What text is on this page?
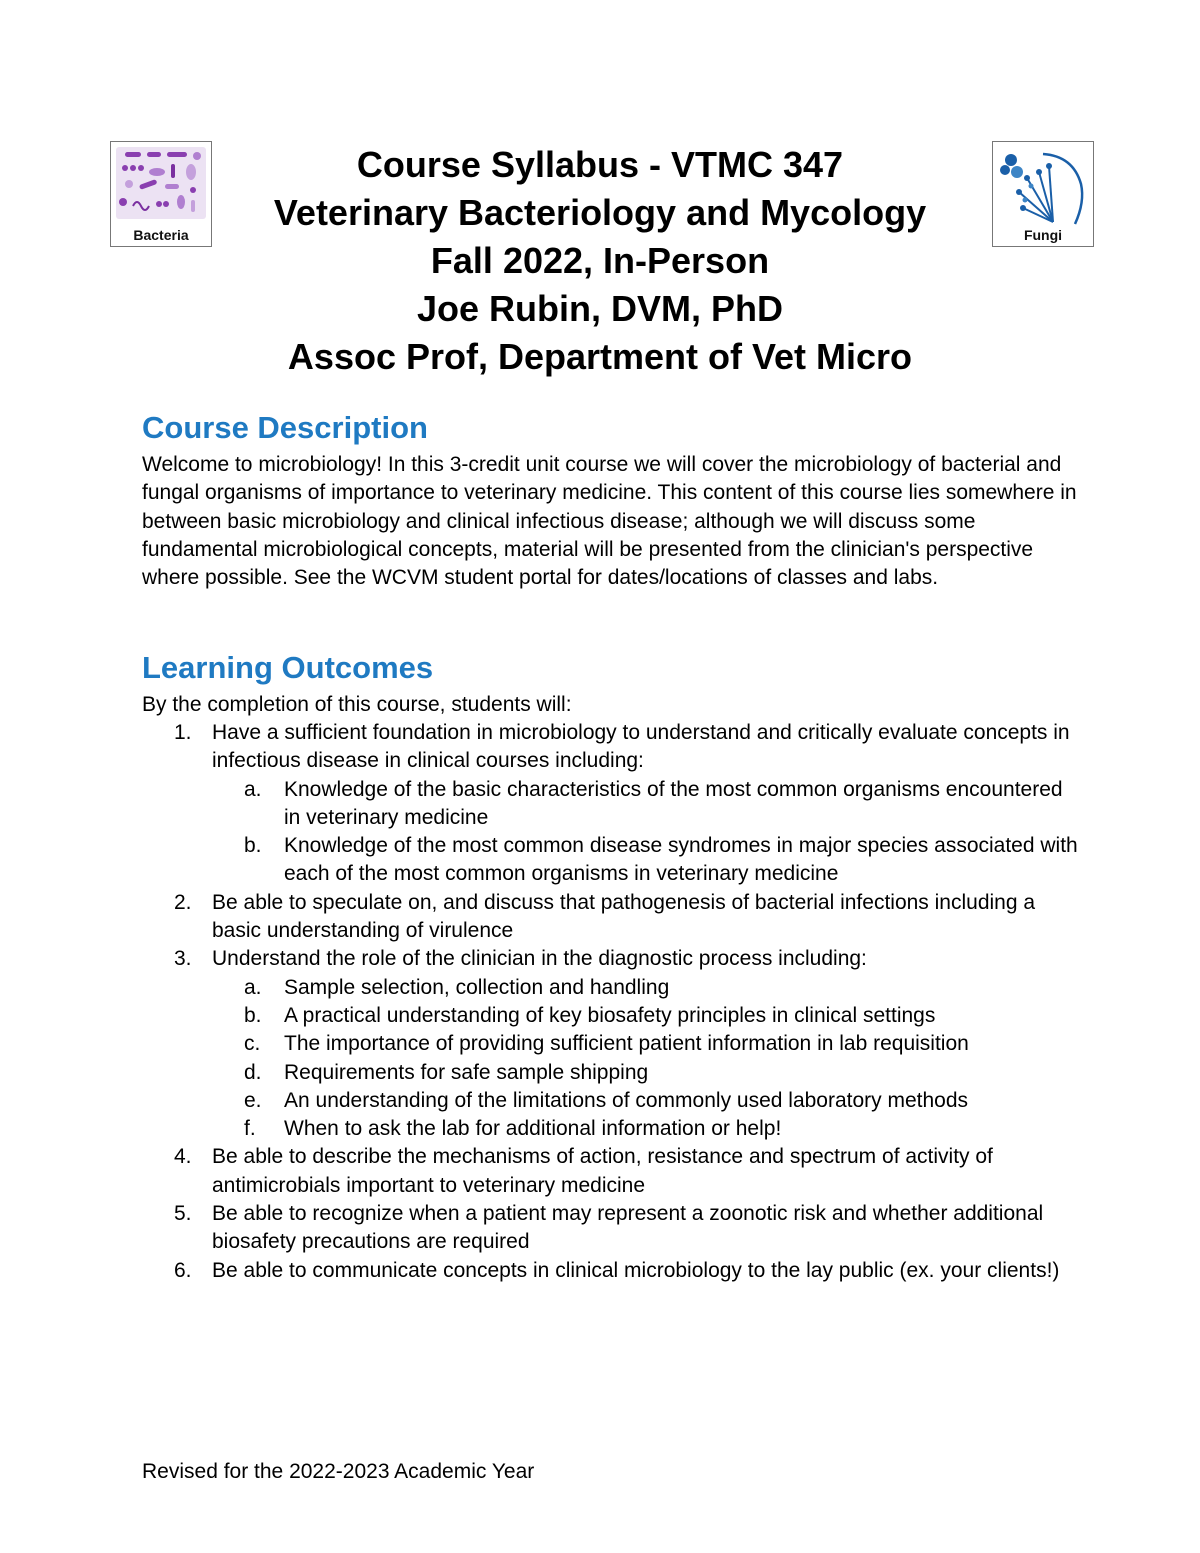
Bacteria	Fungi

Course Syllabus - VTMC 347

Veterinary Bacteriology and Mycology

Fall 2022, In-Person

Joe Rubin, DVM, PhD

Assoc Prof, Department of Vet Micro

Course Description

Welcome to microbiology! In this 3-credit unit course we will cover the microbiology of bacterial and fungal organisms of importance to veterinary medicine. This content of this course lies somewhere in between basic microbiology and clinical infectious disease; although we will discuss some fundamental microbiological concepts, material will be presented from the clinician's perspective where possible. See the WCVM student portal for dates/locations of classes and labs.

Learning Outcomes

By the completion of this course, students will:

1. Have a sufficient foundation in microbiology to understand and critically evaluate concepts in infectious disease in clinical courses including:
a. Knowledge of the basic characteristics of the most common organisms encountered in veterinary medicine
b. Knowledge of the most common disease syndromes in major species associated with each of the most common organisms in veterinary medicine
2. Be able to speculate on, and discuss that pathogenesis of bacterial infections including a basic understanding of virulence
3. Understand the role of the clinician in the diagnostic process including:
a. Sample selection, collection and handling
b. A practical understanding of key biosafety principles in clinical settings
c. The importance of providing sufficient patient information in lab requisition
d. Requirements for safe sample shipping
e. An understanding of the limitations of commonly used laboratory methods
f. When to ask the lab for additional information or help!
4. Be able to describe the mechanisms of action, resistance and spectrum of activity of antimicrobials important to veterinary medicine
5. Be able to recognize when a patient may represent a zoonotic risk and whether additional biosafety precautions are required
6. Be able to communicate concepts in clinical microbiology to the lay public (ex. your clients!)

Revised for the 2022-2023 Academic Year
